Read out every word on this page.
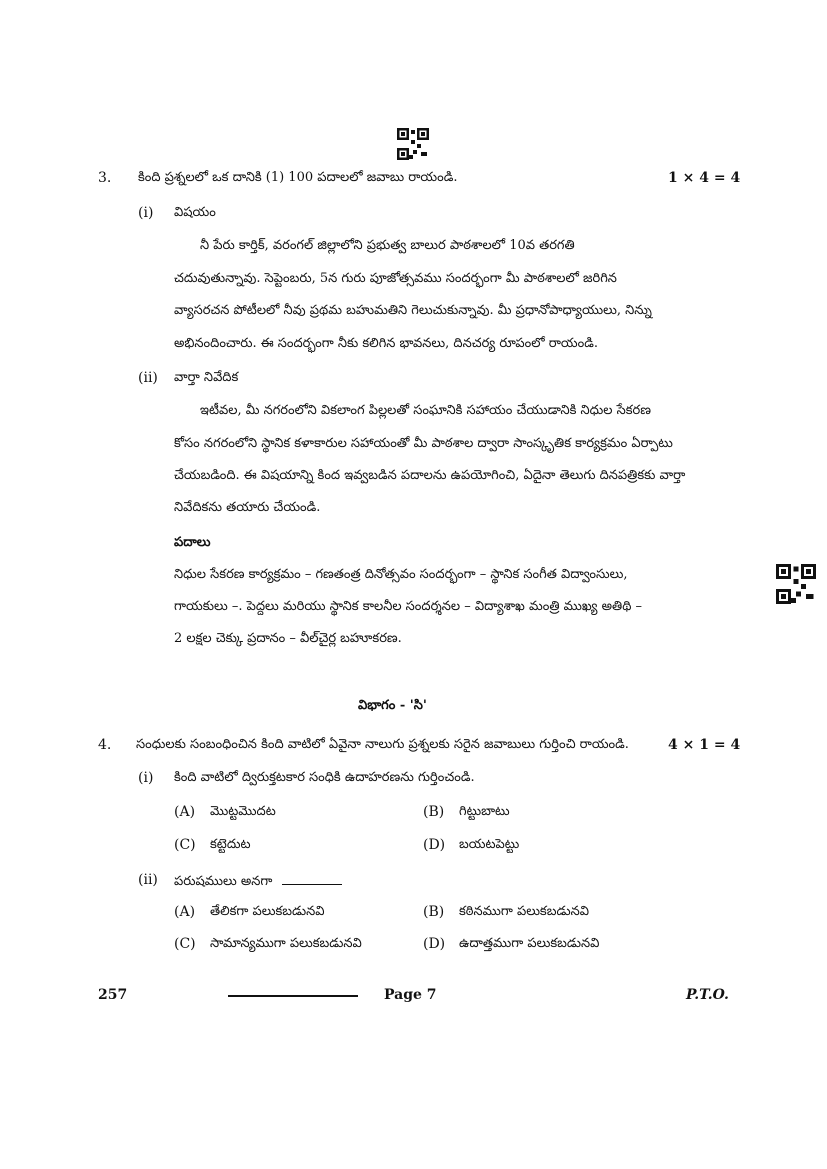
3. కింది ప్రశ్నలలో ఒక దానికి (1) 100 పదాలలో జవాబు రాయండి.	1 × 4 = 4
(i) విషయం
నీ పేరు కార్తిక్, వరంగల్ జిల్లాలోని ప్రభుత్వ బాలుర పాఠశాలలో 10వ తరగతి
చదువుతున్నావు. సెప్టెంబరు, 5న గురు పూజోత్సవము సందర్భంగా మీ పాఠశాలలో జరిగిన
వ్యాసరచన పోటీలలో నీవు ప్రథమ బహుమతిని గెలుచుకున్నావు. మీ ప్రధానోపాధ్యాయులు, నిన్ను
అభినందించారు. ఈ సందర్భంగా నీకు కలిగిన భావనలు, దినచర్య రూపంలో రాయండి.
(ii) వార్తా నివేదిక
ఇటీవల, మీ నగరంలోని వికలాంగ పిల్లలతో సంఘానికి సహాయం చేయుడానికి నిధుల సేకరణ
కోసం నగరంలోని స్థానిక కళాకారుల సహాయంతో మీ పాఠశాల ద్వారా సాంస్కృతిక కార్యక్రమం ఏర్పాటు
చేయబడింది. ఈ విషయాన్ని కింద ఇవ్వబడిన పదాలను ఉపయోగించి, ఏదైనా తెలుగు దినపత్రికకు వార్తా
నివేదికను తయారు చేయండి.
పదాలు
నిధుల సేకరణ కార్యక్రమం – గణతంత్ర దినోత్సవం సందర్భంగా – స్థానిక సంగీత విద్వాంసులు,
గాయకులు –. పెద్దలు మరియు స్థానిక కాలనీల సందర్శనల – విద్యాశాఖ మంత్రి ముఖ్య అతిథి –
2 లక్షల చెక్కు ప్రదానం – వీల్‌చైర్ల బహూకరణ.
విభాగం - 'సి'
4. సంధులకు సంబంధించిన కింది వాటిలో ఏవైనా నాలుగు ప్రశ్నలకు సరైన జవాబులు గుర్తించి రాయండి.	4 × 1 = 4
(i) కింది వాటిలో ద్విరుక్తటకార సంధికి ఉదాహరణను గుర్తించండి.
(A) మొట్టమొదట	(B) గిట్టుబాటు
(C) కట్టెదుట	(D) బయటపెట్టు
(ii) పరుషములు అనగా
(A) తేలికగా పలుకబడునవి	(B) కఠినముగా పలుకబడునవి
(C) సామాన్యముగా పలుకబడునవి	(D) ఉదాత్తముగా పలుకబడునవి
257	Page 7	P.T.O.
